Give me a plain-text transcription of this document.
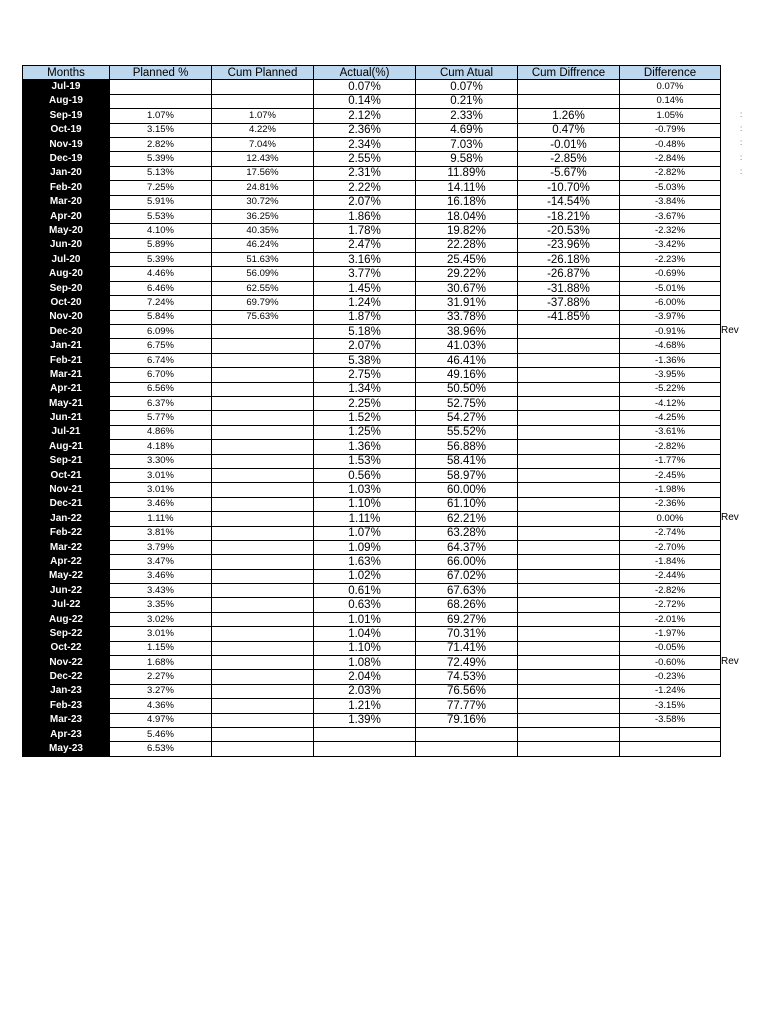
Months	Planned %	Cum Planned	Actual(%)	Cum Atual	Cum Diffrence	Difference
Jul-19			0.07%	0.07%		0.07%
Aug-19			0.14%	0.21%		0.14%
Sep-19	1.07%	1.07%	2.12%	2.33%	1.26%	1.05%
Oct-19	3.15%	4.22%	2.36%	4.69%	0.47%	-0.79%
Nov-19	2.82%	7.04%	2.34%	7.03%	-0.01%	-0.48%
Dec-19	5.39%	12.43%	2.55%	9.58%	-2.85%	-2.84%
Jan-20	5.13%	17.56%	2.31%	11.89%	-5.67%	-2.82%
Feb-20	7.25%	24.81%	2.22%	14.11%	-10.70%	-5.03%
Mar-20	5.91%	30.72%	2.07%	16.18%	-14.54%	-3.84%
Apr-20	5.53%	36.25%	1.86%	18.04%	-18.21%	-3.67%
May-20	4.10%	40.35%	1.78%	19.82%	-20.53%	-2.32%
Jun-20	5.89%	46.24%	2.47%	22.28%	-23.96%	-3.42%
Jul-20	5.39%	51.63%	3.16%	25.45%	-26.18%	-2.23%
Aug-20	4.46%	56.09%	3.77%	29.22%	-26.87%	-0.69%
Sep-20	6.46%	62.55%	1.45%	30.67%	-31.88%	-5.01%
Oct-20	7.24%	69.79%	1.24%	31.91%	-37.88%	-6.00%
Nov-20	5.84%	75.63%	1.87%	33.78%	-41.85%	-3.97%
Dec-20	6.09%		5.18%	38.96%		-0.91%
Jan-21	6.75%		2.07%	41.03%		-4.68%
Feb-21	6.74%		5.38%	46.41%		-1.36%
Mar-21	6.70%		2.75%	49.16%		-3.95%
Apr-21	6.56%		1.34%	50.50%		-5.22%
May-21	6.37%		2.25%	52.75%		-4.12%
Jun-21	5.77%		1.52%	54.27%		-4.25%
Jul-21	4.86%		1.25%	55.52%		-3.61%
Aug-21	4.18%		1.36%	56.88%		-2.82%
Sep-21	3.30%		1.53%	58.41%		-1.77%
Oct-21	3.01%		0.56%	58.97%		-2.45%
Nov-21	3.01%		1.03%	60.00%		-1.98%
Dec-21	3.46%		1.10%	61.10%		-2.36%
Jan-22	1.11%		1.11%	62.21%		0.00%
Feb-22	3.81%		1.07%	63.28%		-2.74%
Mar-22	3.79%		1.09%	64.37%		-2.70%
Apr-22	3.47%		1.63%	66.00%		-1.84%
May-22	3.46%		1.02%	67.02%		-2.44%
Jun-22	3.43%		0.61%	67.63%		-2.82%
Jul-22	3.35%		0.63%	68.26%		-2.72%
Aug-22	3.02%		1.01%	69.27%		-2.01%
Sep-22	3.01%		1.04%	70.31%		-1.97%
Oct-22	1.15%		1.10%	71.41%		-0.05%
Nov-22	1.68%		1.08%	72.49%		-0.60%
Dec-22	2.27%		2.04%	74.53%		-0.23%
Jan-23	3.27%		2.03%	76.56%		-1.24%
Feb-23	4.36%		1.21%	77.77%		-3.15%
Mar-23	4.97%		1.39%	79.16%		-3.58%
Apr-23	5.46%					
May-23	6.53%					
Rev
Rev
Rev
:
:
:
:
:
